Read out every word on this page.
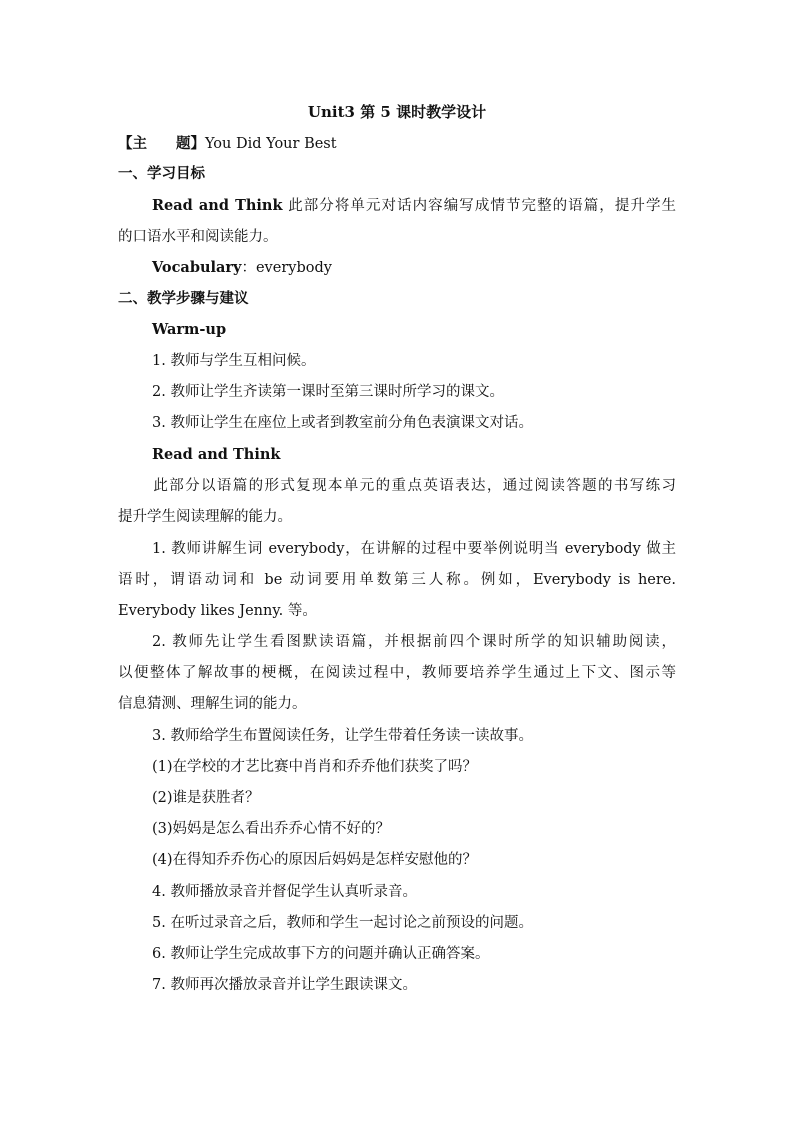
Unit3 第 5 课时教学设计
【主　　题】You Did Your Best
一、学习目标
Read and Think 此部分将单元对话内容编写成情节完整的语篇，提升学生
的口语水平和阅读能力。
Vocabulary：everybody
二、教学步骤与建议
Warm-up
1. 教师与学生互相问候。
2. 教师让学生齐读第一课时至第三课时所学习的课文。
3. 教师让学生在座位上或者到教室前分角色表演课文对话。
Read and Think
此部分以语篇的形式复现本单元的重点英语表达，通过阅读答题的书写练习
提升学生阅读理解的能力。
1. 教师讲解生词 everybody，在讲解的过程中要举例说明当 everybody 做主
语时，谓语动词和 be 动词要用单数第三人称。例如，Everybody is here.
Everybody likes Jenny. 等。
2. 教师先让学生看图默读语篇，并根据前四个课时所学的知识辅助阅读，
以便整体了解故事的梗概，在阅读过程中，教师要培养学生通过上下文、图示等
信息猜测、理解生词的能力。
3. 教师给学生布置阅读任务，让学生带着任务读一读故事。
(1)在学校的才艺比赛中肖肖和乔乔他们获奖了吗？
(2)谁是获胜者？
(3)妈妈是怎么看出乔乔心情不好的？
(4)在得知乔乔伤心的原因后妈妈是怎样安慰他的？
4. 教师播放录音并督促学生认真听录音。
5. 在听过录音之后，教师和学生一起讨论之前预设的问题。
6. 教师让学生完成故事下方的问题并确认正确答案。
7. 教师再次播放录音并让学生跟读课文。
